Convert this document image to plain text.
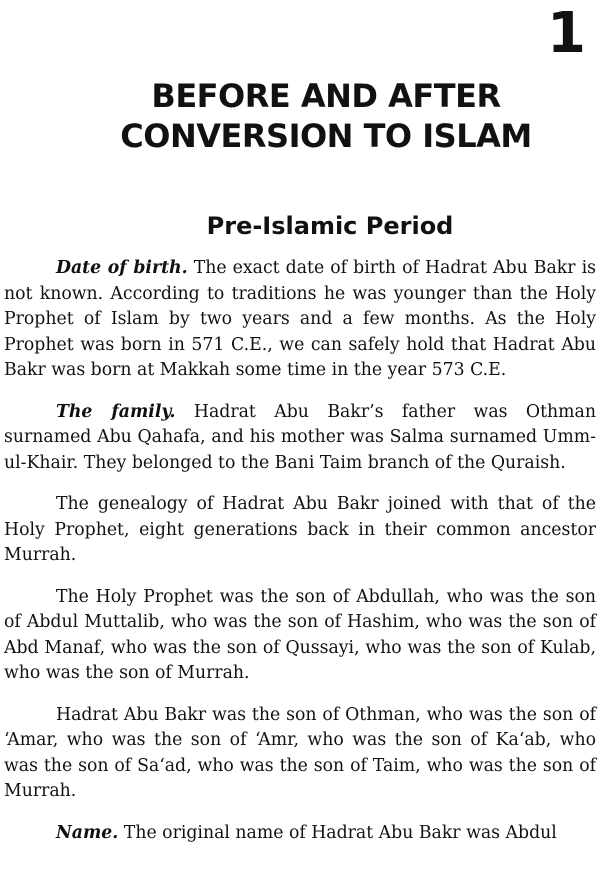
1
BEFORE AND AFTER CONVERSION TO ISLAM
Pre-Islamic Period

Date of birth. The exact date of birth of Hadrat Abu Bakr is not known. According to traditions he was younger than the Holy Prophet of Islam by two years and a few months. As the Holy Prophet was born in 571 C.E., we can safely hold that Hadrat Abu Bakr was born at Makkah some time in the year 573 C.E.

The family. Hadrat Abu Bakr’s father was Othman surnamed Abu Qahafa, and his mother was Salma surnamed Umm-ul-Khair. They belonged to the Bani Taim branch of the Quraish.

The genealogy of Hadrat Abu Bakr joined with that of the Holy Prophet, eight generations back in their common ancestor Murrah.

The Holy Prophet was the son of Abdullah, who was the son of Abdul Muttalib, who was the son of Hashim, who was the son of Abd Manaf, who was the son of Qussayi, who was the son of Kulab, who was the son of Murrah.

Hadrat Abu Bakr was the son of Othman, who was the son of ‘Amar, who was the son of ‘Amr, who was the son of Ka‘ab, who was the son of Sa‘ad, who was the son of Taim, who was the son of Murrah.

Name. The original name of Hadrat Abu Bakr was Abdul
